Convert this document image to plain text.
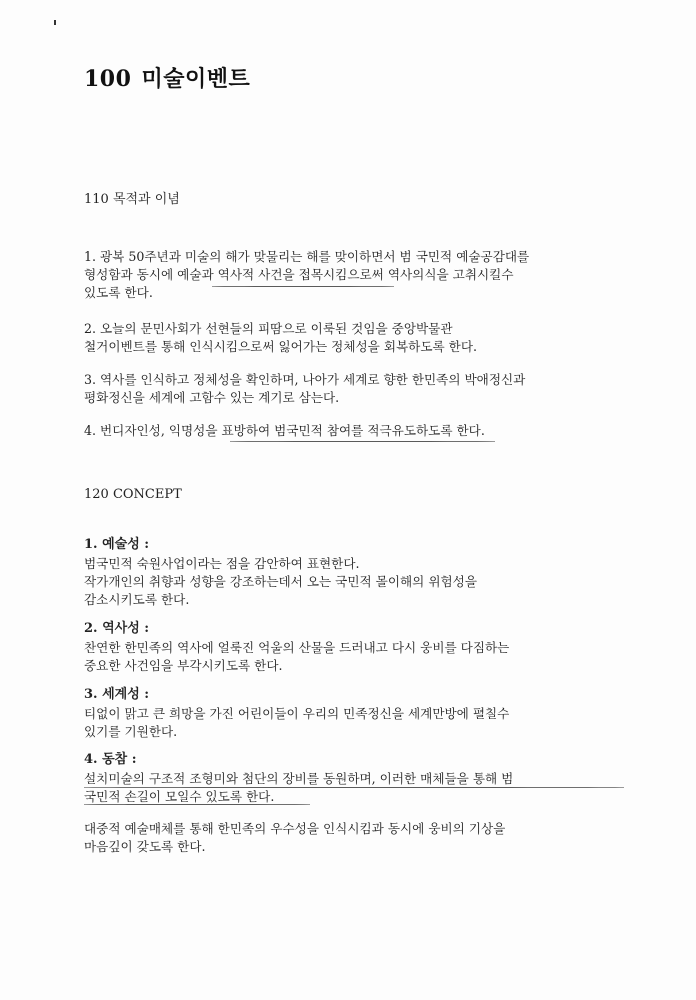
100 미술이벤트
110 목적과 이념
1. 광복 50주년과 미술의 해가 맞물리는 해를 맞이하면서 범 국민적 예술공감대를
형성함과 동시에 예술과 역사적 사건을 접목시킴으로써 역사의식을 고취시킬수
있도록 한다.
2. 오늘의 문민사회가 선현들의 피땀으로 이룩된 것임을 중앙박물관
철거이벤트를 통해 인식시킴으로써 잃어가는 정체성을 회복하도록 한다.
3. 역사를 인식하고 정체성을 확인하며, 나아가 세계로 향한 한민족의 박애정신과
평화정신을 세계에 고함수 있는 계기로 삼는다.
4. 번디자인성, 익명성을 표방하여 범국민적 참여를 적극유도하도록 한다.
120 CONCEPT
1. 예술성 :
범국민적 숙원사업이라는 점을 감안하여 표현한다.
작가개인의 취향과 성향을 강조하는데서 오는 국민적 몰이해의 위험성을
감소시키도록 한다.
2. 역사성 :
찬연한 한민족의 역사에 얼룩진 억울의 산물을 드러내고 다시 웅비를 다짐하는
중요한 사건임을 부각시키도록 한다.
3. 세계성 :
티없이 맑고 큰 희망을 가진 어린이들이 우리의 민족정신을 세계만방에 펼칠수
있기를 기원한다.
4. 동참 :
설치미술의 구조적 조형미와 첨단의 장비를 동원하며, 이러한 매체들을 통해 범
국민적 손길이 모일수 있도록 한다.
대중적 예술매체를 통해 한민족의 우수성을 인식시킴과 동시에 웅비의 기상을
마음깊이 갖도록 한다.
